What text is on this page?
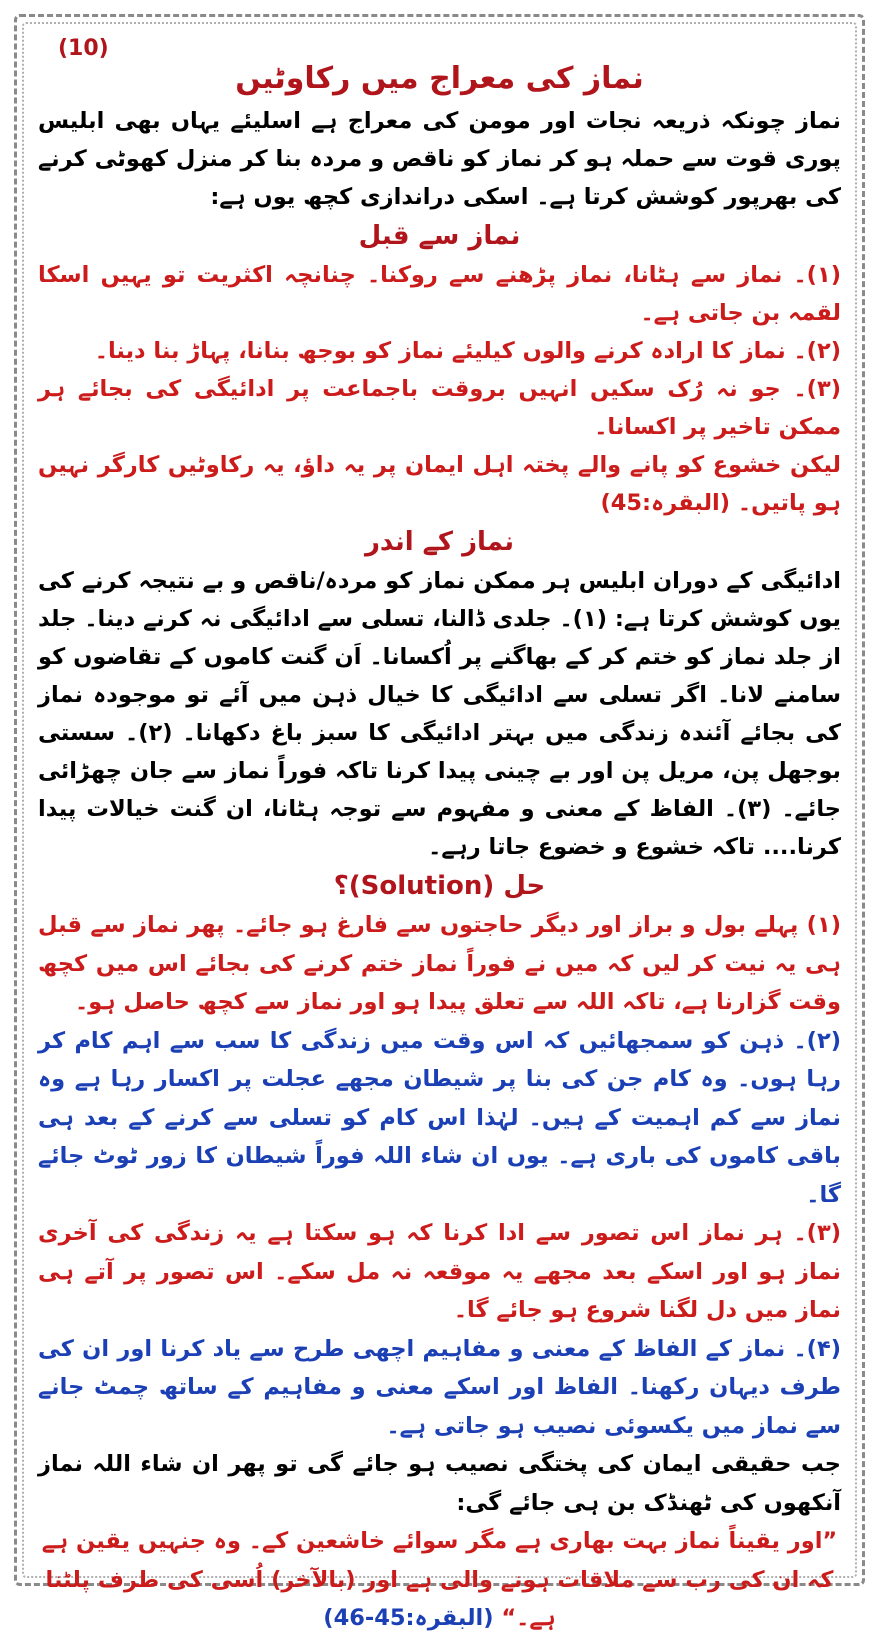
(10)
نماز کی معراج میں رکاوٹیں

نماز چونکہ ذریعہ نجات اور مومن کی معراج ہے اسلیئے یہاں بھی ابلیس پوری قوت سے حملہ ہو کر نماز کو ناقص و مردہ بنا کر منزل کھوٹی کرنے کی بھرپور کوشش کرتا ہے۔ اسکی دراندازی کچھ یوں ہے:

نماز سے قبل

(۱)۔ نماز سے ہٹانا، نماز پڑھنے سے روکنا۔ چنانچہ اکثریت تو یہیں اسکا لقمہ بن جاتی ہے۔

(۲)۔ نماز کا ارادہ کرنے والوں کیلیئے نماز کو بوجھ بنانا، پہاڑ بنا دینا۔

(۳)۔ جو نہ رُک سکیں انہیں بروقت باجماعت پر ادائیگی کی بجائے ہر ممکن تاخیر پر اکسانا۔

لیکن خشوع کو پانے والے پختہ اہل ایمان پر یہ داؤ، یہ رکاوٹیں کارگر نہیں ہو پاتیں۔ (البقرہ:45)

نماز کے اندر

ادائیگی کے دوران ابلیس ہر ممکن نماز کو مردہ/ناقص و بے نتیجہ کرنے کی یوں کوشش کرتا ہے: (۱)۔ جلدی ڈالنا، تسلی سے ادائیگی نہ کرنے دینا۔ جلد از جلد نماز کو ختم کر کے بھاگنے پر اُکسانا۔ اَن گنت کاموں کے تقاضوں کو سامنے لانا۔ اگر تسلی سے ادائیگی کا خیال ذہن میں آئے تو موجودہ نماز کی بجائے آئندہ زندگی میں بہتر ادائیگی کا سبز باغ دکھانا۔ (۲)۔ سستی بوجھل پن، مریل پن اور بے چینی پیدا کرنا تاکہ فوراً نماز سے جان چھڑائی جائے۔ (۳)۔ الفاظ کے معنی و مفہوم سے توجہ ہٹانا، ان گنت خیالات پیدا کرنا.... تاکہ خشوع و خضوع جاتا رہے۔

حل (Solution)؟

(۱) پہلے بول و براز اور دیگر حاجتوں سے فارغ ہو جائے۔ پھر نماز سے قبل ہی یہ نیت کر لیں کہ میں نے فوراً نماز ختم کرنے کی بجائے اس میں کچھ وقت گزارنا ہے، تاکہ اللہ سے تعلق پیدا ہو اور نماز سے کچھ حاصل ہو۔

(۲)۔ ذہن کو سمجھائیں کہ اس وقت میں زندگی کا سب سے اہم کام کر رہا ہوں۔ وہ کام جن کی بنا پر شیطان مجھے عجلت پر اکسار رہا ہے وہ نماز سے کم اہمیت کے ہیں۔ لہٰذا اس کام کو تسلی سے کرنے کے بعد ہی باقی کاموں کی باری ہے۔ یوں ان شاء اللہ فوراً شیطان کا زور ٹوٹ جائے گا۔

(۳)۔ ہر نماز اس تصور سے ادا کرنا کہ ہو سکتا ہے یہ زندگی کی آخری نماز ہو اور اسکے بعد مجھے یہ موقعہ نہ مل سکے۔ اس تصور پر آتے ہی نماز میں دل لگنا شروع ہو جائے گا۔

(۴)۔ نماز کے الفاظ کے معنی و مفاہیم اچھی طرح سے یاد کرنا اور ان کی طرف دیہان رکھنا۔ الفاظ اور اسکے معنی و مفاہیم کے ساتھ چمٹ جانے سے نماز میں یکسوئی نصیب ہو جاتی ہے۔

جب حقیقی ایمان کی پختگی نصیب ہو جائے گی تو پھر ان شاء اللہ نماز آنکھوں کی ٹھنڈک بن ہی جائے گی:

”اور یقیناً نماز بہت بھاری ہے مگر سوائے خاشعین کے۔ وہ جنہیں یقین ہے کہ ان کی رب سے ملاقات ہونے والی ہے اور (بالآخر) اُسی کی طرف پلٹنا ہے۔“ (البقرہ:45-46)
